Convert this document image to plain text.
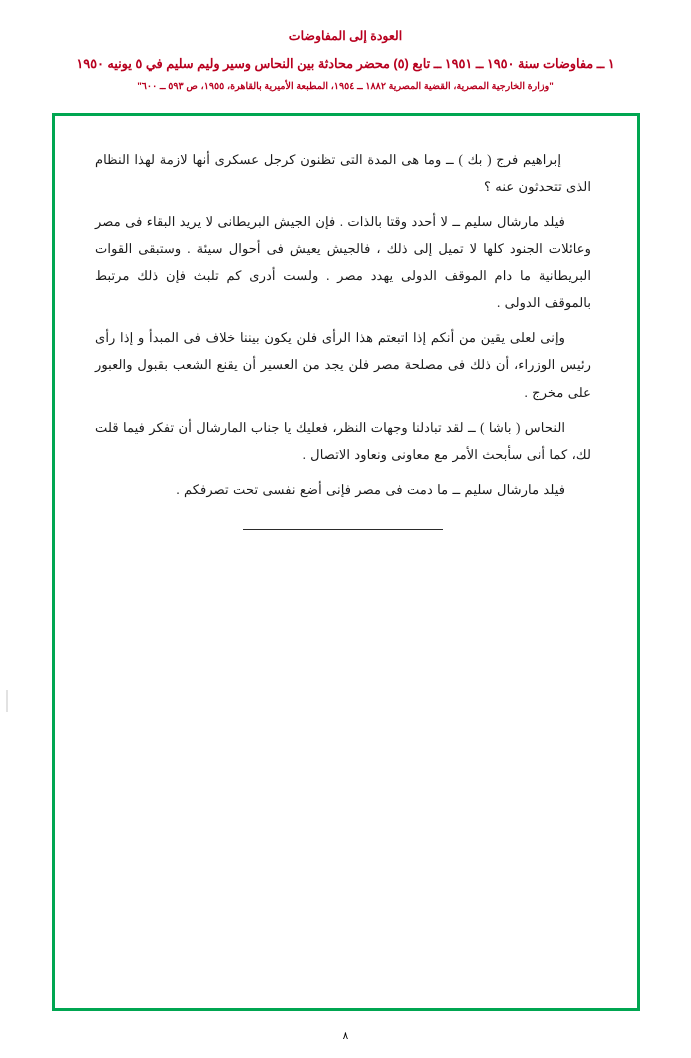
العودة إلى المفاوضات
١ ــ مفاوضات سنة ١٩٥٠ ــ ١٩٥١ ــ تابع (٥) محضر محادثة بين النحاس وسير وليم سليم في ٥ يونيه ١٩٥٠
"وزارة الخارجية المصرية، القضية المصرية ١٨٨٢ ــ ١٩٥٤، المطبعة الأميرية بالقاهرة، ١٩٥٥، ص ٥٩٣ ــ ٦٠٠"

إبراهيم فرج ( بك ) ــ وما هى المدة التى تظنون كرجل عسكرى أنها لازمة لهذا النظام الذى تتحدثون عنه ؟

فيلد مارشال سليم ــ لا أحدد وقتا بالذات . فإن الجيش البريطانى لا يريد البقاء فى مصر وعائلات الجنود كلها لا تميل إلى ذلك ، فالجيش يعيش فى أحوال سيئة . وستبقى القوات البريطانية ما دام الموقف الدولى يهدد مصر . ولست أدرى كم تلبث فإن ذلك مرتبط بالموقف الدولى .

وإنى لعلى يقين من أنكم إذا اتبعتم هذا الرأى فلن يكون بيننا خلاف فى المبدأ و إذا رأى رئيس الوزراء، أن ذلك فى مصلحة مصر فلن يجد من العسير أن يقنع الشعب بقبول والعبور على مخرج .

النحاس ( باشا ) ــ لقد تبادلنا وجهات النظر، فعليك يا جناب المارشال أن تفكر فيما قلت لك، كما أنى سأبحث الأمر مع معاونى ونعاود الاتصال .

فيلد مارشال سليم ــ ما دمت فى مصر فإنى أضع نفسى تحت تصرفكم .

٨
